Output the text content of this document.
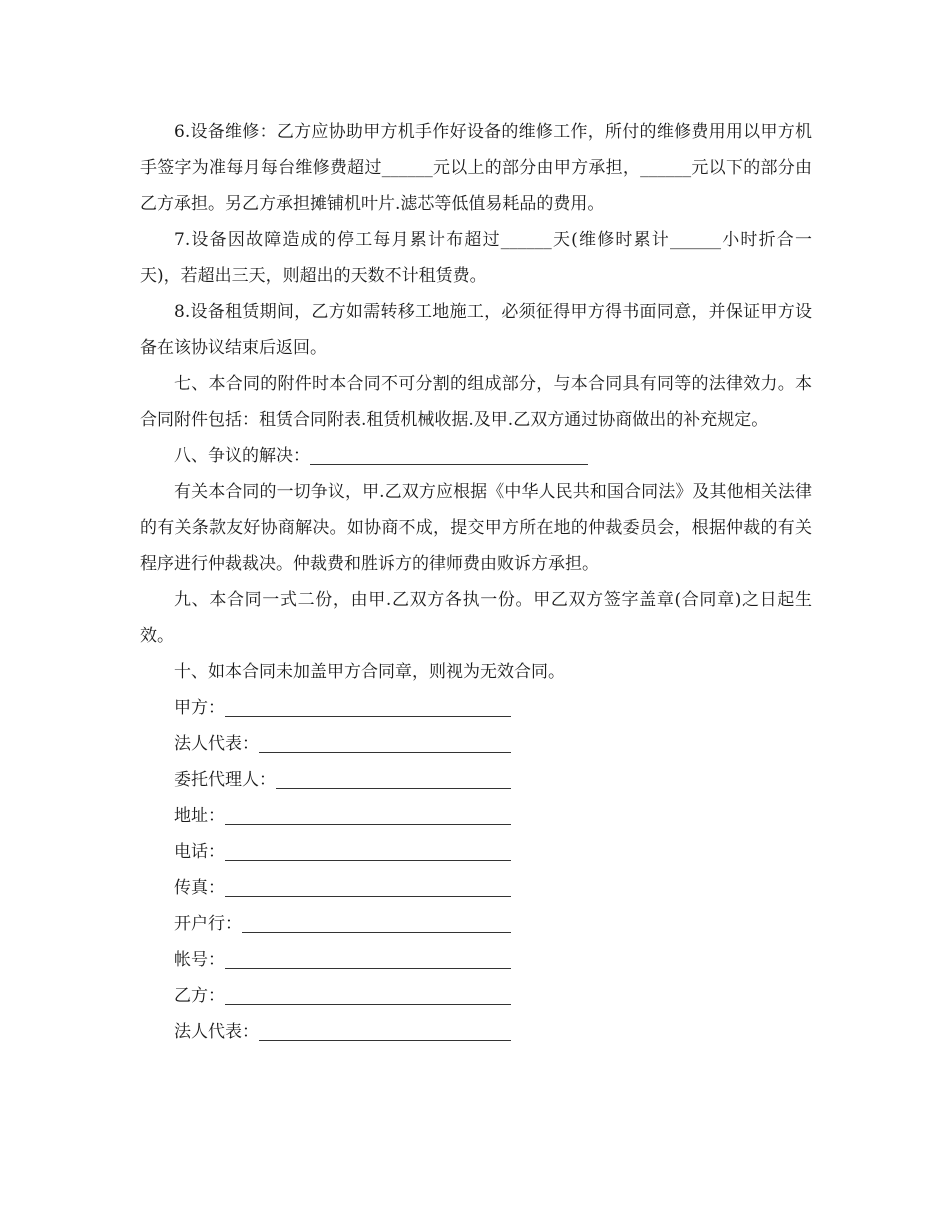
6.设备维修：乙方应协助甲方机手作好设备的维修工作，所付的维修费用用以甲方机手签字为准每月每台维修费超过______元以上的部分由甲方承担，______元以下的部分由乙方承担。另乙方承担摊铺机叶片.滤芯等低值易耗品的费用。

7.设备因故障造成的停工每月累计布超过______天(维修时累计______小时折合一天)，若超出三天，则超出的天数不计租赁费。

8.设备租赁期间，乙方如需转移工地施工，必须征得甲方得书面同意，并保证甲方设备在该协议结束后返回。

七、本合同的附件时本合同不可分割的组成部分，与本合同具有同等的法律效力。本合同附件包括：租赁合同附表.租赁机械收据.及甲.乙双方通过协商做出的补充规定。

八、争议的解决：

有关本合同的一切争议，甲.乙双方应根据《中华人民共和国合同法》及其他相关法律的有关条款友好协商解决。如协商不成，提交甲方所在地的仲裁委员会，根据仲裁的有关程序进行仲裁裁决。仲裁费和胜诉方的律师费由败诉方承担。

九、本合同一式二份，由甲.乙双方各执一份。甲乙双方签字盖章(合同章)之日起生效。

十、如本合同未加盖甲方合同章，则视为无效合同。

甲方：
法人代表：
委托代理人：
地址：
电话：
传真：
开户行：
帐号：
乙方：
法人代表：
